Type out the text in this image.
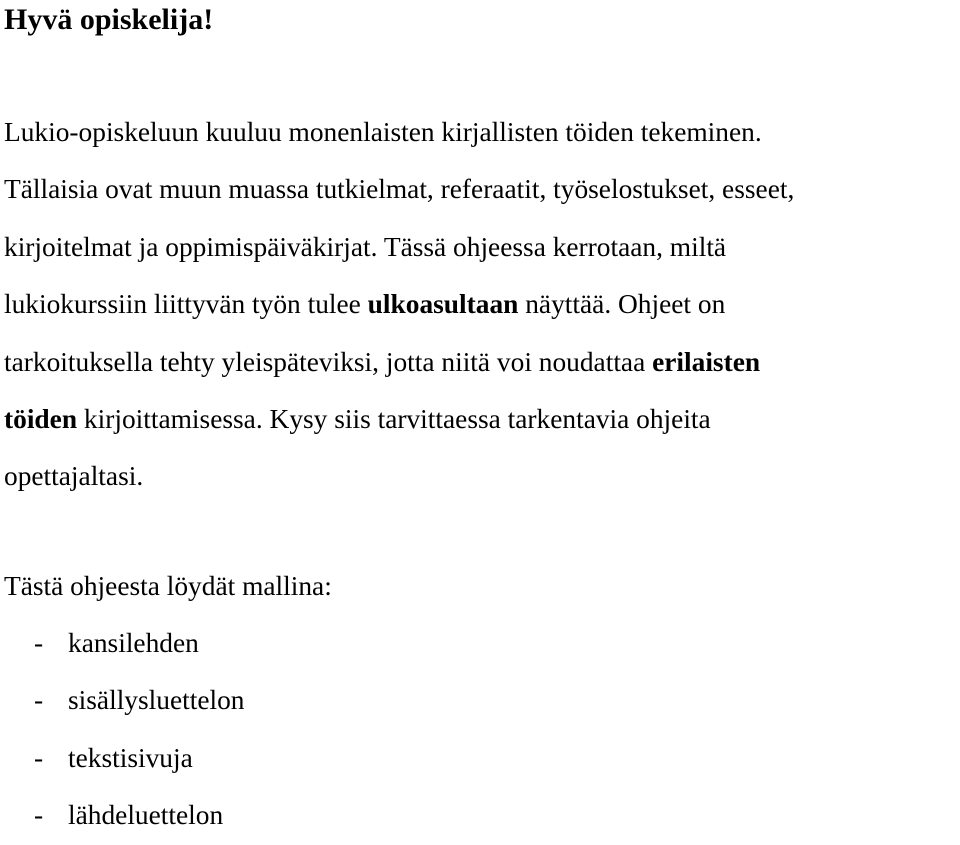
Hyvä opiskelija!
Lukio-opiskeluun kuuluu monenlaisten kirjallisten töiden tekeminen.
Tällaisia ovat muun muassa tutkielmat, referaatit, työselostukset, esseet,
kirjoitelmat ja oppimispäiväkirjat. Tässä ohjeessa kerrotaan, miltä
lukiokurssiin liittyvän työn tulee ulkoasultaan näyttää. Ohjeet on
tarkoituksella tehty yleispäteviksi, jotta niitä voi noudattaa erilaisten
töiden kirjoittamisessa. Kysy siis tarvittaessa tarkentavia ohjeita
opettajaltasi.
Tästä ohjeesta löydät mallina:
- kansilehden
- sisällysluettelon
- tekstisivuja
- lähdeluettelon
